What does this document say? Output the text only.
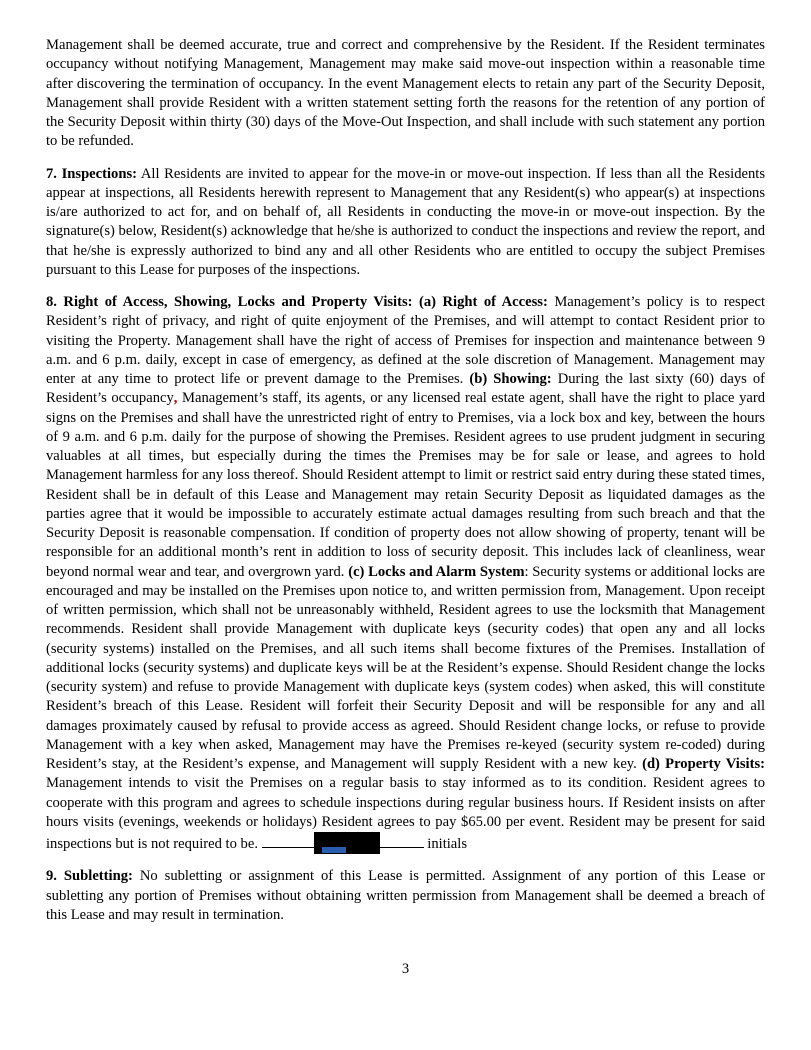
Management shall be deemed accurate, true and correct and comprehensive by the Resident. If the Resident terminates occupancy without notifying Management, Management may make said move-out inspection within a reasonable time after discovering the termination of occupancy. In the event Management elects to retain any part of the Security Deposit, Management shall provide Resident with a written statement setting forth the reasons for the retention of any portion of the Security Deposit within thirty (30) days of the Move-Out Inspection, and shall include with such statement any portion to be refunded.

7. Inspections: All Residents are invited to appear for the move-in or move-out inspection. If less than all the Residents appear at inspections, all Residents herewith represent to Management that any Resident(s) who appear(s) at inspections is/are authorized to act for, and on behalf of, all Residents in conducting the move-in or move-out inspection. By the signature(s) below, Resident(s) acknowledge that he/she is authorized to conduct the inspections and review the report, and that he/she is expressly authorized to bind any and all other Residents who are entitled to occupy the subject Premises pursuant to this Lease for purposes of the inspections.

8. Right of Access, Showing, Locks and Property Visits: (a) Right of Access: Management’s policy is to respect Resident’s right of privacy, and right of quite enjoyment of the Premises, and will attempt to contact Resident prior to visiting the Property. Management shall have the right of access of Premises for inspection and maintenance between 9 a.m. and 6 p.m. daily, except in case of emergency, as defined at the sole discretion of Management. Management may enter at any time to protect life or prevent damage to the Premises. (b) Showing: During the last sixty (60) days of Resident’s occupancy, Management’s staff, its agents, or any licensed real estate agent, shall have the right to place yard signs on the Premises and shall have the unrestricted right of entry to Premises, via a lock box and key, between the hours of 9 a.m. and 6 p.m. daily for the purpose of showing the Premises. Resident agrees to use prudent judgment in securing valuables at all times, but especially during the times the Premises may be for sale or lease, and agrees to hold Management harmless for any loss thereof. Should Resident attempt to limit or restrict said entry during these stated times, Resident shall be in default of this Lease and Management may retain Security Deposit as liquidated damages as the parties agree that it would be impossible to accurately estimate actual damages resulting from such breach and that the Security Deposit is reasonable compensation. If condition of property does not allow showing of property, tenant will be responsible for an additional month’s rent in addition to loss of security deposit. This includes lack of cleanliness, wear beyond normal wear and tear, and overgrown yard. (c) Locks and Alarm System: Security systems or additional locks are encouraged and may be installed on the Premises upon notice to, and written permission from, Management. Upon receipt of written permission, which shall not be unreasonably withheld, Resident agrees to use the locksmith that Management recommends. Resident shall provide Management with duplicate keys (security codes) that open any and all locks (security systems) installed on the Premises, and all such items shall become fixtures of the Premises. Installation of additional locks (security systems) and duplicate keys will be at the Resident’s expense. Should Resident change the locks (security system) and refuse to provide Management with duplicate keys (system codes) when asked, this will constitute Resident’s breach of this Lease. Resident will forfeit their Security Deposit and will be responsible for any and all damages proximately caused by refusal to provide access as agreed. Should Resident change locks, or refuse to provide Management with a key when asked, Management may have the Premises re-keyed (security system re-coded) during Resident’s stay, at the Resident’s expense, and Management will supply Resident with a new key. (d) Property Visits: Management intends to visit the Premises on a regular basis to stay informed as to its condition. Resident agrees to cooperate with this program and agrees to schedule inspections during regular business hours. If Resident insists on after hours visits (evenings, weekends or holidays) Resident agrees to pay $65.00 per event. Resident may be present for said inspections but is not required to be.	initials

9. Subletting: No subletting or assignment of this Lease is permitted. Assignment of any portion of this Lease or subletting any portion of Premises without obtaining written permission from Management shall be deemed a breach of this Lease and may result in termination.

3
